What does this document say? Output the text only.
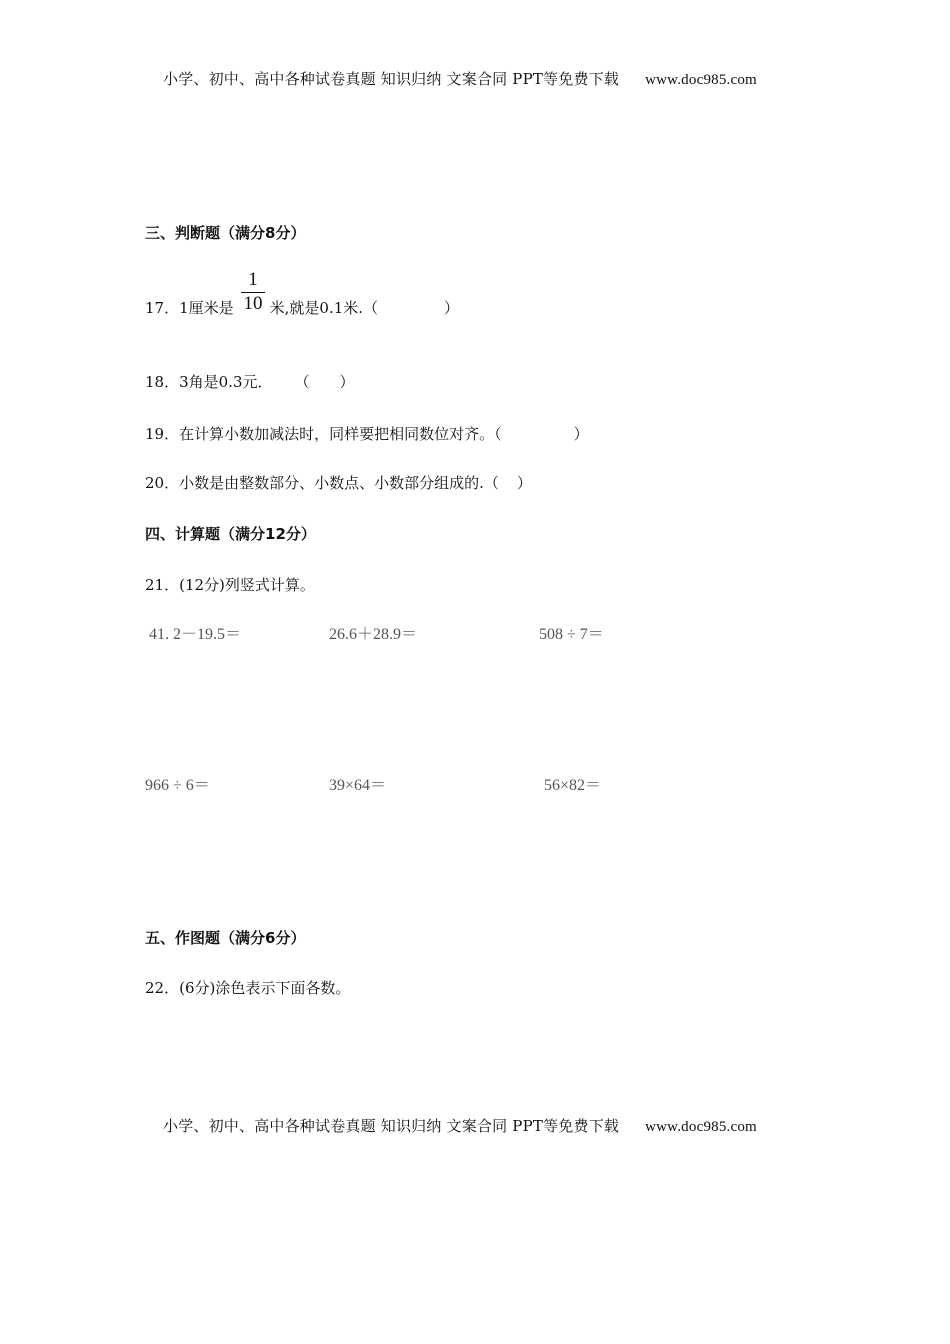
小学、初中、高中各种试卷真题 知识归纳 文案合同 PPT等免费下载 www.doc985.com
三、判断题（满分8分）
17．1厘米是 米,就是0.1米.（	）
1
10
18．3角是0.3元． （ ）
19．在计算小数加减法时，同样要把相同数位对齐。（	）
20．小数是由整数部分、小数点、小数部分组成的.（ ）
四、计算题（满分12分）
21．(12分)列竖式计算。
41. 2－19.5＝	26.6＋28.9＝	508 ÷ 7＝
966 ÷ 6＝	39×64＝	56×82＝
五、作图题（满分6分）
22．(6分)涂色表示下面各数。
小学、初中、高中各种试卷真题 知识归纳 文案合同 PPT等免费下载 www.doc985.com
